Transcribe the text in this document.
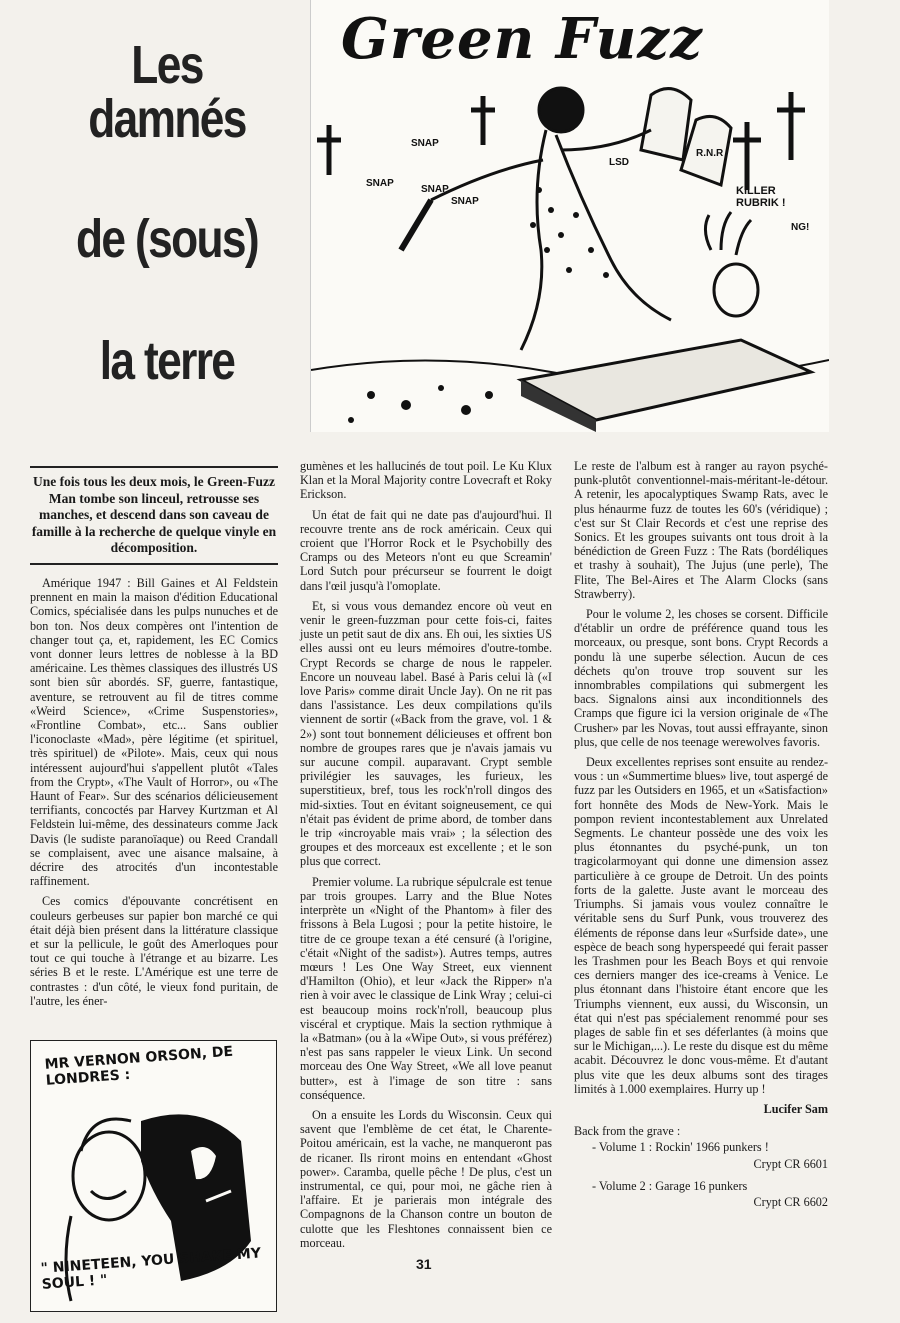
Les damnés
de (sous)
la terre
Green Fuzz
SNAP
SNAP
SNAP
SNAP
LSD
R.N.R
KILLER RUBRIK !
NG!
Une fois tous les deux mois, le Green-Fuzz Man tombe son linceul, retrousse ses manches, et descend dans son caveau de famille à la recherche de quelque vinyle en décomposition.

Amérique 1947 : Bill Gaines et Al Feldstein prennent en main la maison d'édition Educational Comics, spécialisée dans les pulps nunuches et de bon ton. Nos deux compères ont l'intention de changer tout ça, et, rapidement, les EC Comics vont donner leurs lettres de noblesse à la BD américaine. Les thèmes classiques des illustrés US sont bien sûr abordés. SF, guerre, fantastique, aventure, se retrouvent au fil de titres comme «Weird Science», «Crime Suspenstories», «Frontline Combat», etc... Sans oublier l'iconoclaste «Mad», père légitime (et spirituel, très spirituel) de «Pilote». Mais, ceux qui nous intéressent aujourd'hui s'appellent plutôt «Tales from the Crypt», «The Vault of Horror», ou «The Haunt of Fear». Sur des scénarios délicieusement terrifiants, concoctés par Harvey Kurtzman et Al Feldstein lui-même, des dessinateurs comme Jack Davis (le sudiste paranoïaque) ou Reed Crandall se complaisent, avec une aisance malsaine, à décrire des atrocités d'un incontestable raffinement.

Ces comics d'épouvante concrétisent en couleurs gerbeuses sur papier bon marché ce qui était déjà bien présent dans la littérature classique et sur la pellicule, le goût des Amerloques pour tout ce qui touche à l'étrange et au bizarre. Les séries B et le reste. L'Amérique est une terre de contrastes : d'un côté, le vieux fond puritain, de l'autre, les éner-

MR VERNON ORSON, DE LONDRES :
" NINETEEN, YOU SHAKE MY SOUL ! "

gumènes et les hallucinés de tout poil. Le Ku Klux Klan et la Moral Majority contre Lovecraft et Roky Erickson.

Un état de fait qui ne date pas d'aujourd'hui. Il recouvre trente ans de rock américain. Ceux qui croient que l'Horror Rock et le Psychobilly des Cramps ou des Meteors n'ont eu que Screamin' Lord Sutch pour précurseur se fourrent le doigt dans l'œil jusqu'à l'omoplate.

Et, si vous vous demandez encore où veut en venir le green-fuzzman pour cette fois-ci, faites juste un petit saut de dix ans. Eh oui, les sixties US elles aussi ont eu leurs mémoires d'outre-tombe. Crypt Records se charge de nous le rappeler. Encore un nouveau label. Basé à Paris celui là («I love Paris» comme dirait Uncle Jay). On ne rit pas dans l'assistance. Les deux compilations qu'ils viennent de sortir («Back from the grave, vol. 1 & 2») sont tout bonnement délicieuses et offrent bon nombre de groupes rares que je n'avais jamais vu sur aucune compil. auparavant. Crypt semble privilégier les sauvages, les furieux, les superstitieux, bref, tous les rock'n'roll dingos des mid-sixties. Tout en évitant soigneusement, ce qui n'était pas évident de prime abord, de tomber dans le trip «incroyable mais vrai» ; la sélection des groupes et des morceaux est excellente ; et le son plus que correct.

Premier volume. La rubrique sépulcrale est tenue par trois groupes. Larry and the Blue Notes interprète un «Night of the Phantom» à filer des frissons à Bela Lugosi ; pour la petite histoire, le titre de ce groupe texan a été censuré (à l'origine, c'était «Night of the sadist»). Autres temps, autres mœurs ! Les One Way Street, eux viennent d'Hamilton (Ohio), et leur «Jack the Ripper» n'a rien à voir avec le classique de Link Wray ; celui-ci est beaucoup moins rock'n'roll, beaucoup plus viscéral et cryptique. Mais la section rythmique à la «Batman» (ou à la «Wipe Out», si vous préférez) n'est pas sans rappeler le vieux Link. Un second morceau des One Way Street, «We all love peanut butter», est à l'image de son titre : sans conséquence.

On a ensuite les Lords du Wisconsin. Ceux qui savent que l'emblème de cet état, le Charente-Poitou américain, est la vache, ne manqueront pas de ricaner. Ils riront moins en entendant «Ghost power». Caramba, quelle pêche ! De plus, c'est un instrumental, ce qui, pour moi, ne gâche rien à l'affaire. Et je parierais mon intégrale des Compagnons de la Chanson contre un bouton de culotte que les Fleshtones connaissent bien ce morceau.

Le reste de l'album est à ranger au rayon psyché-punk-plutôt conventionnel-mais-méritant-le-détour. A retenir, les apocalyptiques Swamp Rats, avec le plus hénaurme fuzz de toutes les 60's (véridique) ; c'est sur St Clair Records et c'est une reprise des Sonics. Et les groupes suivants ont tous droit à la bénédiction de Green Fuzz : The Rats (bordéliques et trashy à souhait), The Jujus (une perle), The Flite, The Bel-Aires et The Alarm Clocks (sans Strawberry).

Pour le volume 2, les choses se corsent. Difficile d'établir un ordre de préférence quand tous les morceaux, ou presque, sont bons. Crypt Records a pondu là une superbe sélection. Aucun de ces déchets qu'on trouve trop souvent sur les innombrables compilations qui submergent les bacs. Signalons ainsi aux inconditionnels des Cramps que figure ici la version originale de «The Crusher» par les Novas, tout aussi effrayante, sinon plus, que celle de nos teenage werewolves favoris.

Deux excellentes reprises sont ensuite au rendez-vous : un «Summertime blues» live, tout aspergé de fuzz par les Outsiders en 1965, et un «Satisfaction» fort honnête des Mods de New-York. Mais le pompon revient incontestablement aux Unrelated Segments. Le chanteur possède une des voix les plus étonnantes du psyché-punk, un ton tragicolarmoyant qui donne une dimension assez particulière à ce groupe de Detroit. Un des points forts de la galette. Juste avant le morceau des Triumphs. Si jamais vous voulez connaître le véritable sens du Surf Punk, vous trouverez des éléments de réponse dans leur «Surfside date», une espèce de beach song hyperspeedé qui ferait passer les Trashmen pour les Beach Boys et qui renvoie ces derniers manger des ice-creams à Venice. Le plus étonnant dans l'histoire étant encore que les Triumphs viennent, eux aussi, du Wisconsin, un état qui n'est pas spécialement renommé pour ses plages de sable fin et ses déferlantes (à moins que sur le Michigan,...). Le reste du disque est du même acabit. Découvrez le donc vous-même. Et d'autant plus vite que les deux albums sont des tirages limités à 1.000 exemplaires. Hurry up !

Lucifer Sam
Back from the grave :
- Volume 1 : Rockin' 1966 punkers !
Crypt CR 6601
- Volume 2 : Garage 16 punkers
Crypt CR 6602
31
